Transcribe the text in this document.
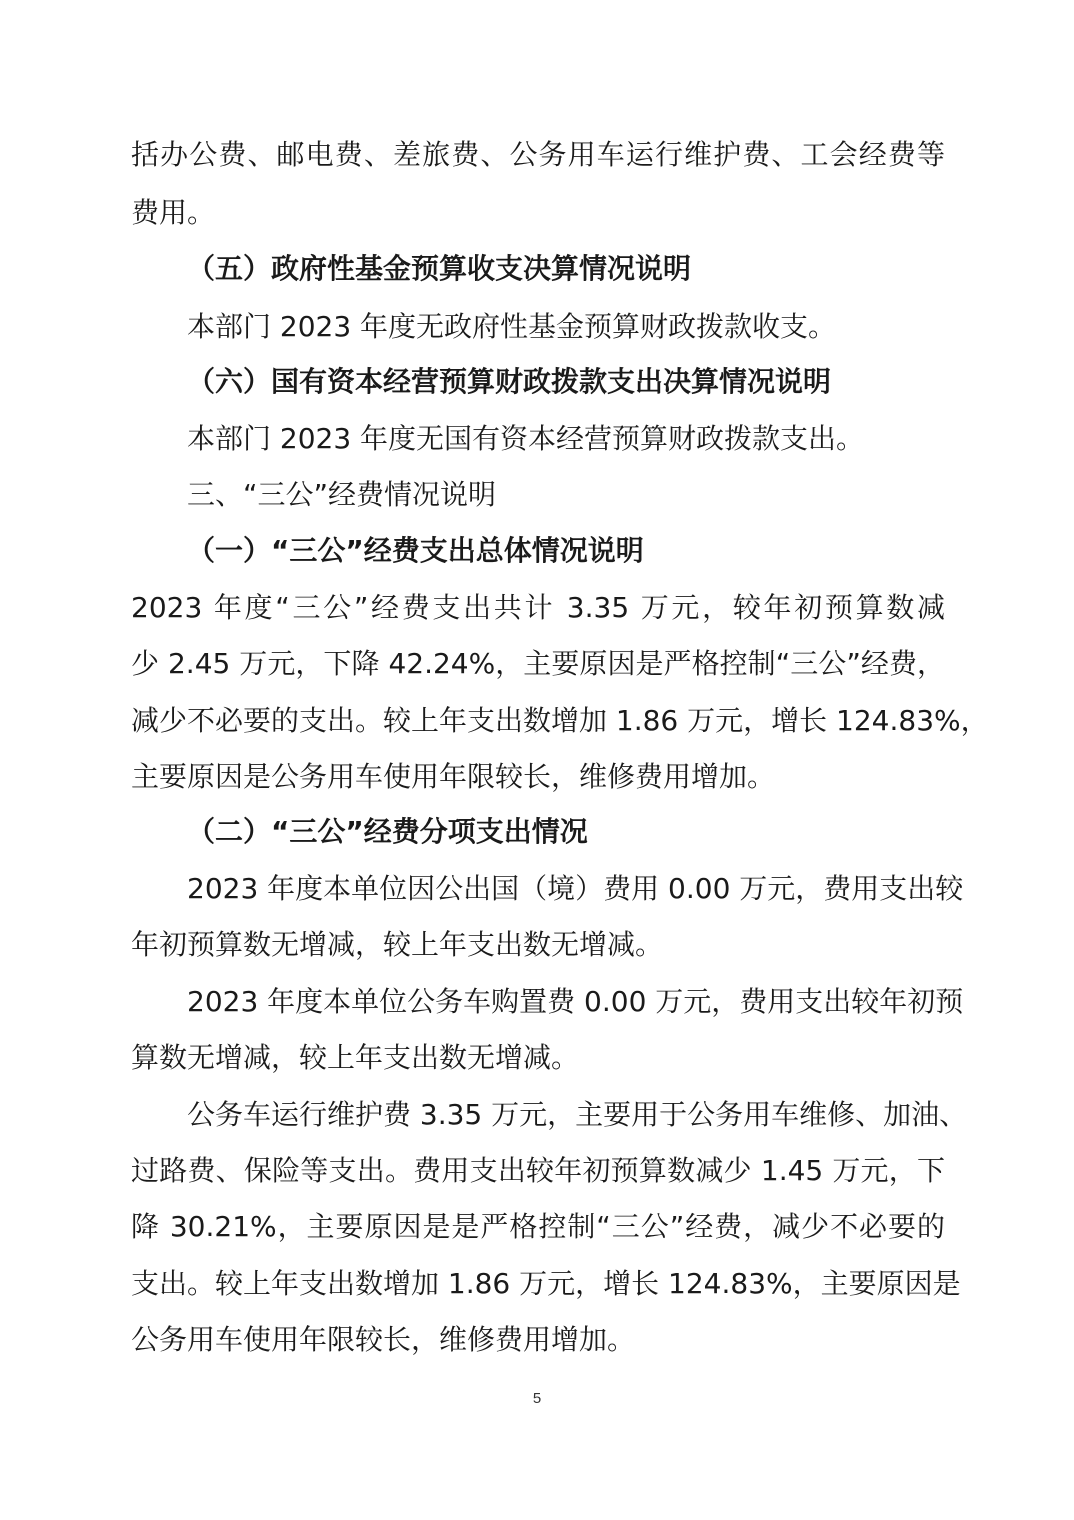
括办公费、邮电费、差旅费、公务用车运行维护费、工会经费等
费用。
（五）政府性基金预算收支决算情况说明
本部门 2023 年度无政府性基金预算财政拨款收支。
（六）国有资本经营预算财政拨款支出决算情况说明
本部门 2023 年度无国有资本经营预算财政拨款支出。
三、“三公”经费情况说明
（一）“三公”经费支出总体情况说明
2023 年度“三公”经费支出共计 3.35 万元，较年初预算数减
少 2.45 万元，下降 42.24%，主要原因是严格控制“三公”经费，
减少不必要的支出。较上年支出数增加 1.86 万元，增长 124.83%，
主要原因是公务用车使用年限较长，维修费用增加。
（二）“三公”经费分项支出情况
2023 年度本单位因公出国（境）费用 0.00 万元，费用支出较
年初预算数无增减，较上年支出数无增减。
2023 年度本单位公务车购置费 0.00 万元，费用支出较年初预
算数无增减，较上年支出数无增减。
公务车运行维护费 3.35 万元，主要用于公务用车维修、加油、
过路费、保险等支出。费用支出较年初预算数减少 1.45 万元，下
降 30.21%，主要原因是是严格控制“三公”经费，减少不必要的
支出。较上年支出数增加 1.86 万元，增长 124.83%，主要原因是
公务用车使用年限较长，维修费用增加。
5
